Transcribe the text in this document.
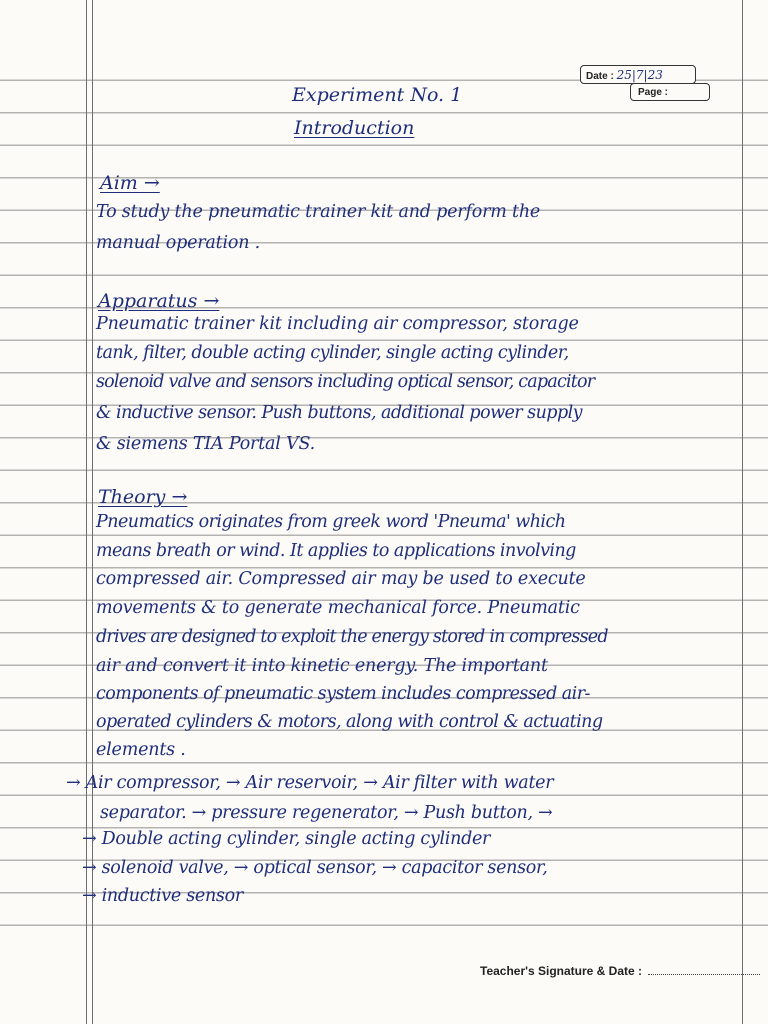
Date : 25|7|23
Page :
Experiment No. 1
Introduction
Aim →
To study the pneumatic trainer kit and perform the
manual operation .
Apparatus →
Pneumatic trainer kit including air compressor, storage
tank, filter, double acting cylinder, single acting cylinder,
solenoid valve and sensors including optical sensor, capacitor
& inductive sensor. Push buttons, additional power supply
& siemens TIA Portal VS.
Theory →
Pneumatics originates from greek word 'Pneuma' which
means breath or wind. It applies to applications involving
compressed air. Compressed air may be used to execute
movements & to generate mechanical force. Pneumatic
drives are designed to exploit the energy stored in compressed
air and convert it into kinetic energy. The important
components of pneumatic system includes compressed air-
operated cylinders & motors, along with control & actuating
elements .
→ Air compressor, → Air reservoir, → Air filter with water
separator. → pressure regenerator, → Push button, →
→ Double acting cylinder, single acting cylinder
→ solenoid valve, → optical sensor, → capacitor sensor,
→ inductive sensor
Teacher's Signature & Date :
